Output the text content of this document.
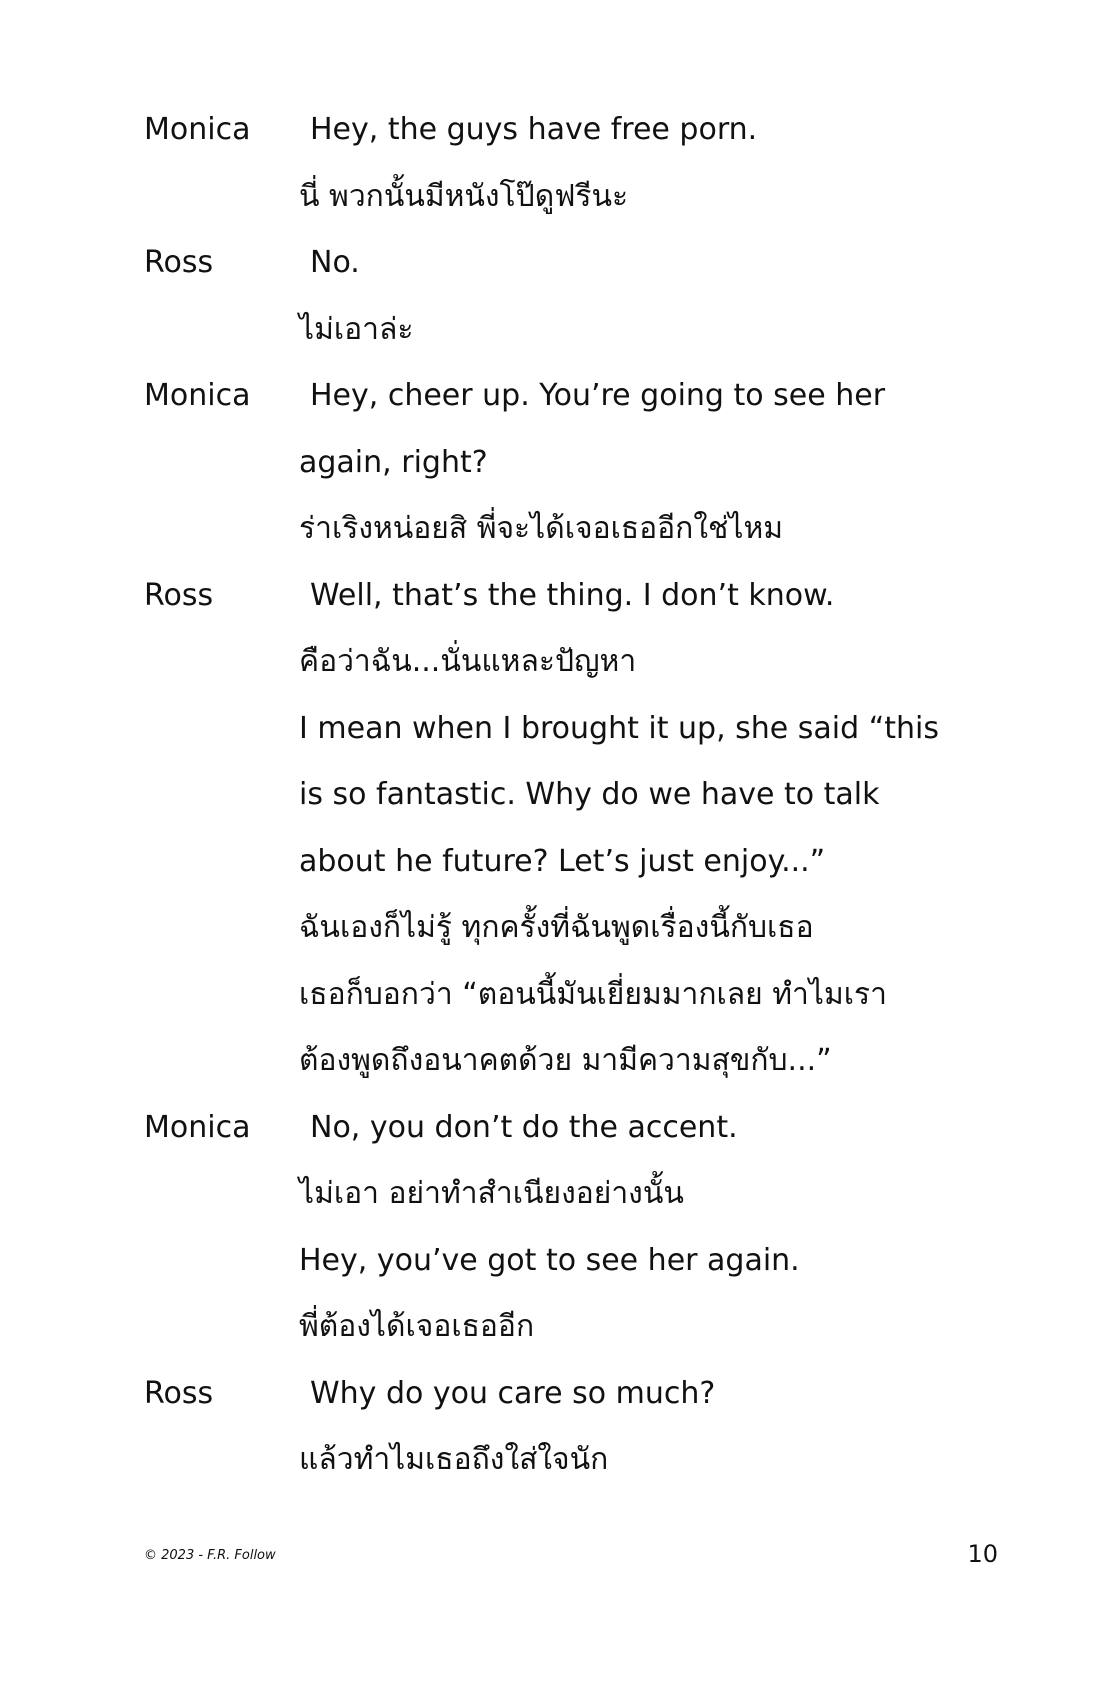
Monica	Hey, the guys have free porn.
นี่ พวกนั้นมีหนังโป๊ดูฟรีนะ
Ross	No.
ไม่เอาล่ะ
Monica	Hey, cheer up. You’re going to see her
again, right?
ร่าเริงหน่อยสิ พี่จะได้เจอเธออีกใช่ไหม
Ross	Well, that’s the thing. I don’t know.
คือว่าฉัน...นั่นแหละปัญหา
I mean when I brought it up, she said “this
is so fantastic. Why do we have to talk
about he future? Let’s just enjoy...”
ฉันเองก็ไม่รู้ ทุกครั้งที่ฉันพูดเรื่องนี้กับเธอ
เธอก็บอกว่า “ตอนนี้มันเยี่ยมมากเลย ทำไมเรา
ต้องพูดถึงอนาคตด้วย มามีความสุขกับ...”
Monica	No, you don’t do the accent.
ไม่เอา อย่าทำสำเนียงอย่างนั้น
Hey, you’ve got to see her again.
พี่ต้องได้เจอเธออีก
Ross	Why do you care so much?
แล้วทำไมเธอถึงใส่ใจนัก
© 2023 - F.R. Follow	10
